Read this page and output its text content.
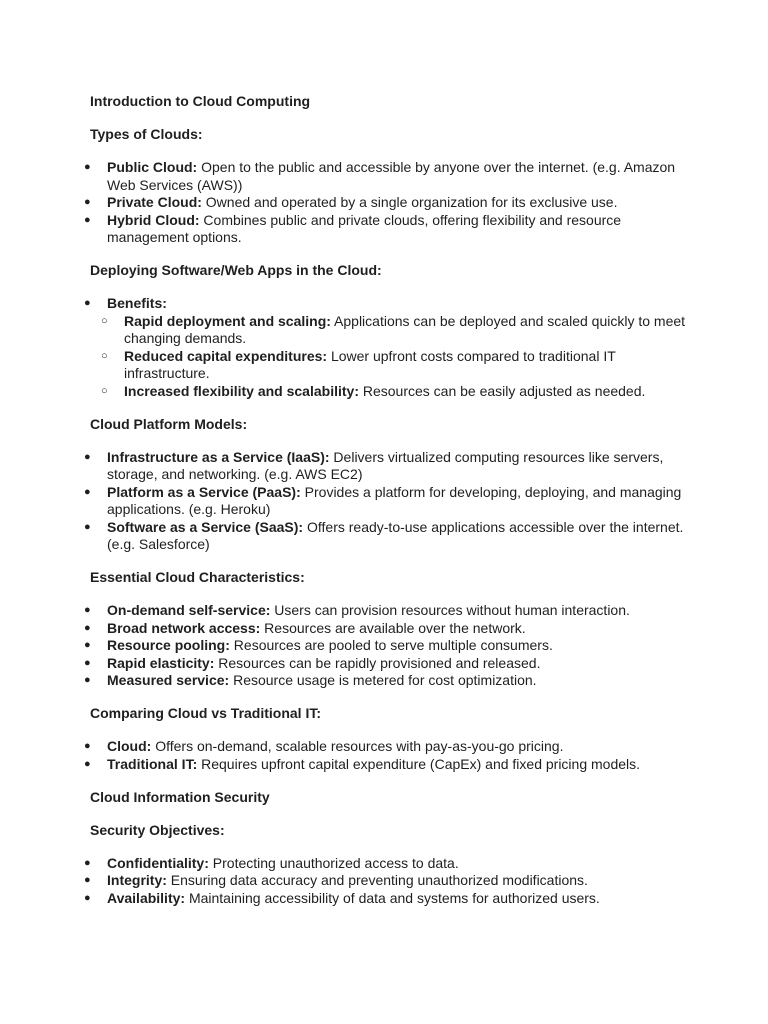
Introduction to Cloud Computing
Types of Clouds:
● Public Cloud: Open to the public and accessible by anyone over the internet. (e.g. Amazon Web Services (AWS))
● Private Cloud: Owned and operated by a single organization for its exclusive use.
● Hybrid Cloud: Combines public and private clouds, offering flexibility and resource management options.
Deploying Software/Web Apps in the Cloud:
● Benefits:
○ Rapid deployment and scaling: Applications can be deployed and scaled quickly to meet changing demands.
○ Reduced capital expenditures: Lower upfront costs compared to traditional IT infrastructure.
○ Increased flexibility and scalability: Resources can be easily adjusted as needed.
Cloud Platform Models:
● Infrastructure as a Service (IaaS): Delivers virtualized computing resources like servers, storage, and networking. (e.g. AWS EC2)
● Platform as a Service (PaaS): Provides a platform for developing, deploying, and managing applications. (e.g. Heroku)
● Software as a Service (SaaS): Offers ready-to-use applications accessible over the internet. (e.g. Salesforce)
Essential Cloud Characteristics:
● On-demand self-service: Users can provision resources without human interaction.
● Broad network access: Resources are available over the network.
● Resource pooling: Resources are pooled to serve multiple consumers.
● Rapid elasticity: Resources can be rapidly provisioned and released.
● Measured service: Resource usage is metered for cost optimization.
Comparing Cloud vs Traditional IT:
● Cloud: Offers on-demand, scalable resources with pay-as-you-go pricing.
● Traditional IT: Requires upfront capital expenditure (CapEx) and fixed pricing models.
Cloud Information Security
Security Objectives:
● Confidentiality: Protecting unauthorized access to data.
● Integrity: Ensuring data accuracy and preventing unauthorized modifications.
● Availability: Maintaining accessibility of data and systems for authorized users.
